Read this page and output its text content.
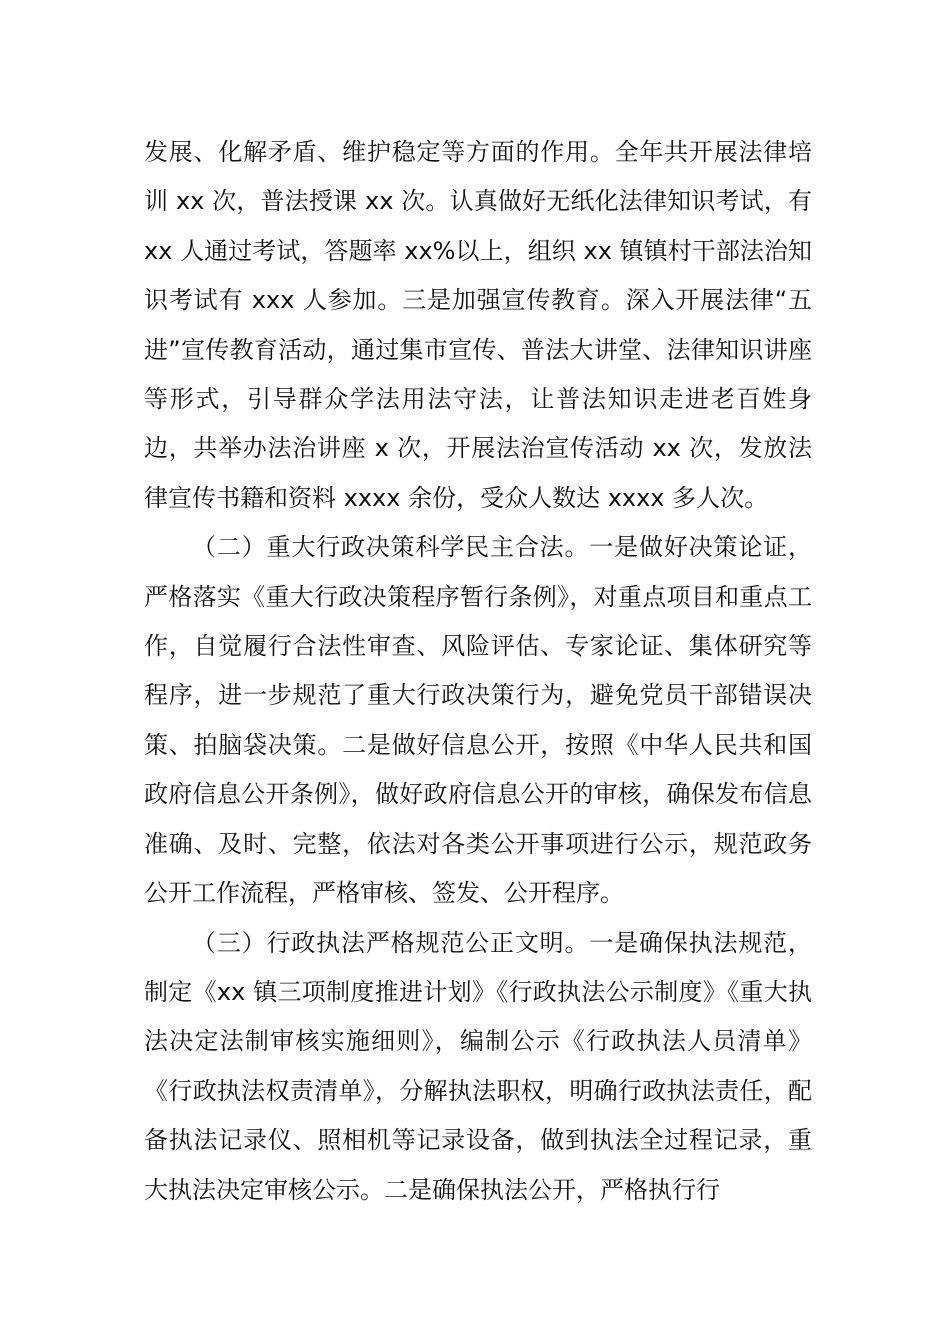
发展、化解矛盾、维护稳定等方面的作用。全年共开展法律培训 xx 次，普法授课 xx 次。认真做好无纸化法律知识考试，有 xx 人通过考试，答题率 xx%以上，组织 xx 镇镇村干部法治知识考试有 xxx 人参加。三是加强宣传教育。深入开展法律“五进”宣传教育活动，通过集市宣传、普法大讲堂、法律知识讲座等形式，引导群众学法用法守法，让普法知识走进老百姓身边，共举办法治讲座 x 次，开展法治宣传活动 xx 次，发放法律宣传书籍和资料 xxxx 余份，受众人数达 xxxx 多人次。

（二）重大行政决策科学民主合法。一是做好决策论证，严格落实《重大行政决策程序暂行条例》，对重点项目和重点工作，自觉履行合法性审查、风险评估、专家论证、集体研究等程序，进一步规范了重大行政决策行为，避免党员干部错误决策、拍脑袋决策。二是做好信息公开，按照《中华人民共和国政府信息公开条例》，做好政府信息公开的审核，确保发布信息准确、及时、完整，依法对各类公开事项进行公示，规范政务公开工作流程，严格审核、签发、公开程序。

（三）行政执法严格规范公正文明。一是确保执法规范，制定《xx 镇三项制度推进计划》《行政执法公示制度》《重大执法决定法制审核实施细则》，编制公示《行政执法人员清单》《行政执法权责清单》，分解执法职权，明确行政执法责任，配备执法记录仪、照相机等记录设备，做到执法全过程记录，重大执法决定审核公示。二是确保执法公开，严格执行行
